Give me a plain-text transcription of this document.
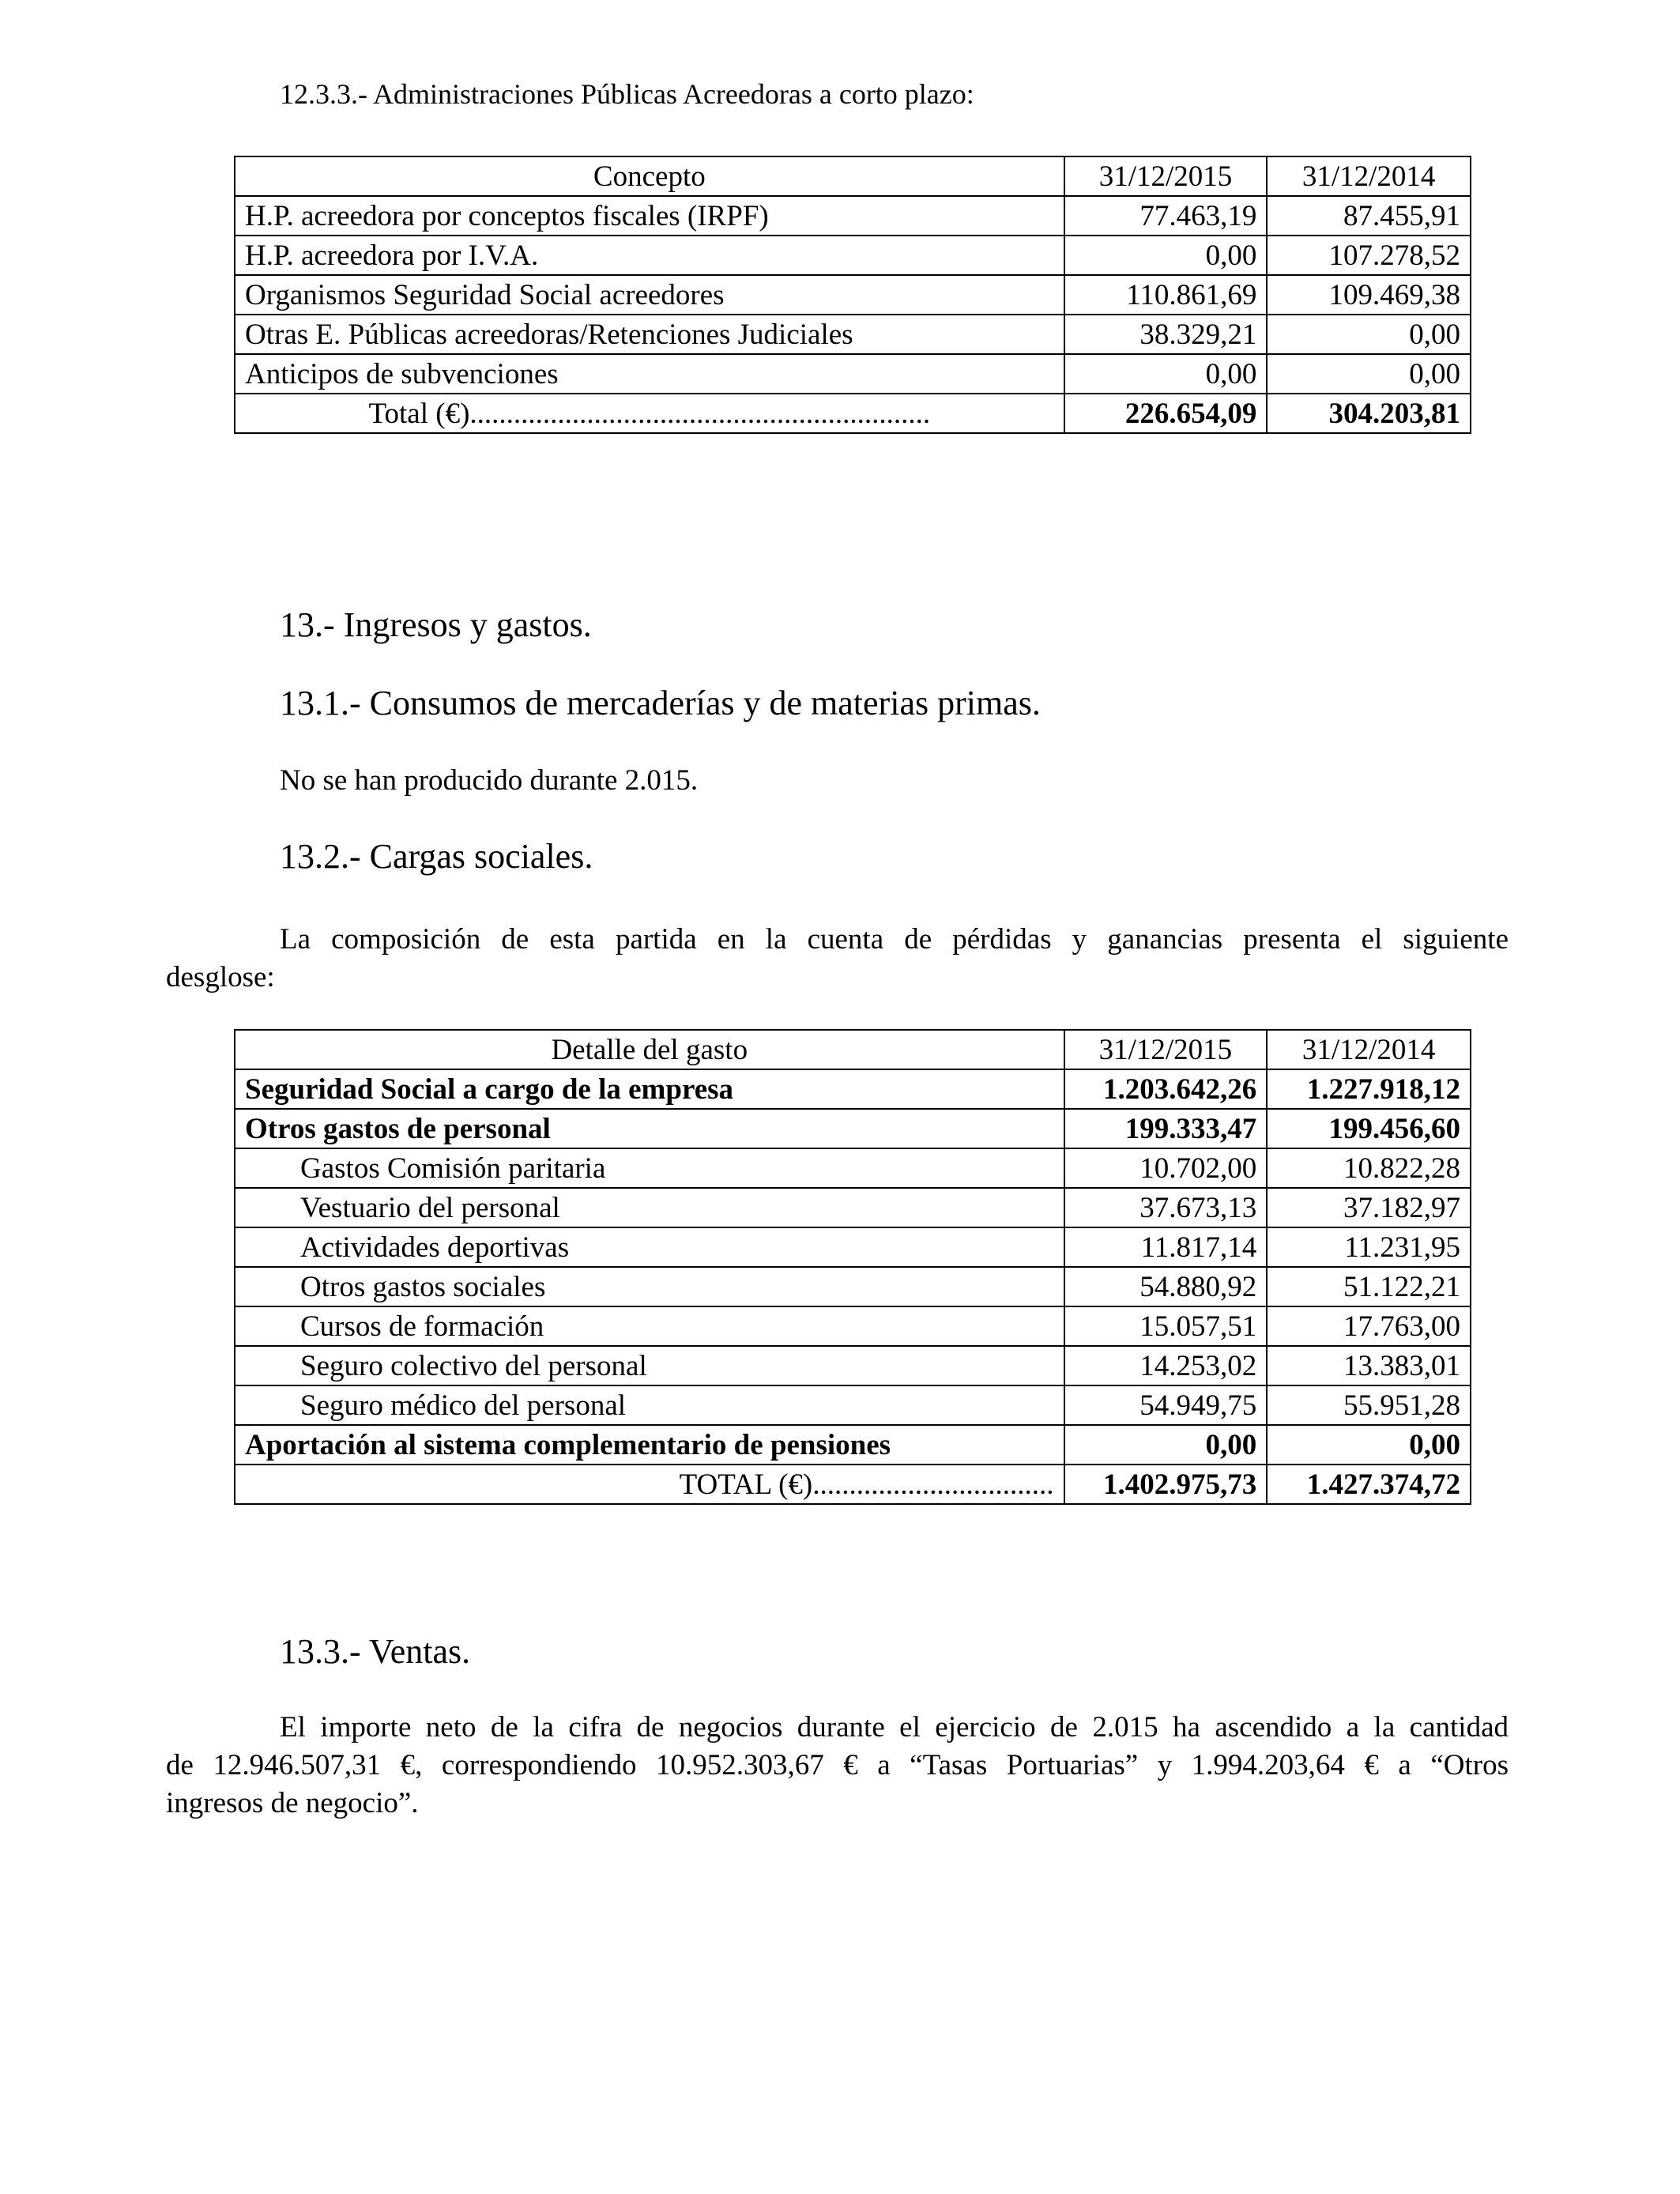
12.3.3.- Administraciones Públicas Acreedoras a corto plazo:
Concepto	31/12/2015	31/12/2014
H.P. acreedora por conceptos fiscales (IRPF)	77.463,19	87.455,91
H.P. acreedora por I.V.A.	0,00	107.278,52
Organismos Seguridad Social acreedores	110.861,69	109.469,38
Otras E. Públicas acreedoras/Retenciones Judiciales	38.329,21	0,00
Anticipos de subvenciones	0,00	0,00
Total (€)...............................................................	226.654,09	304.203,81
13.- Ingresos y gastos.
13.1.- Consumos de mercaderías y de materias primas.
No se han producido durante 2.015.
13.2.- Cargas sociales.
La composición de esta partida en la cuenta de pérdidas y ganancias presenta el siguiente
desglose:
Detalle del gasto	31/12/2015	31/12/2014
Seguridad Social a cargo de la empresa	1.203.642,26	1.227.918,12
Otros gastos de personal	199.333,47	199.456,60
Gastos Comisión paritaria	10.702,00	10.822,28
Vestuario del personal	37.673,13	37.182,97
Actividades deportivas	11.817,14	11.231,95
Otros gastos sociales	54.880,92	51.122,21
Cursos de formación	15.057,51	17.763,00
Seguro colectivo del personal	14.253,02	13.383,01
Seguro médico del personal	54.949,75	55.951,28
Aportación al sistema complementario de pensiones	0,00	0,00
TOTAL (€).................................	1.402.975,73	1.427.374,72
13.3.- Ventas.
El importe neto de la cifra de negocios durante el ejercicio de 2.015 ha ascendido a la cantidad
de 12.946.507,31 €, correspondiendo 10.952.303,67 € a “Tasas Portuarias” y 1.994.203,64 € a “Otros
ingresos de negocio”.
